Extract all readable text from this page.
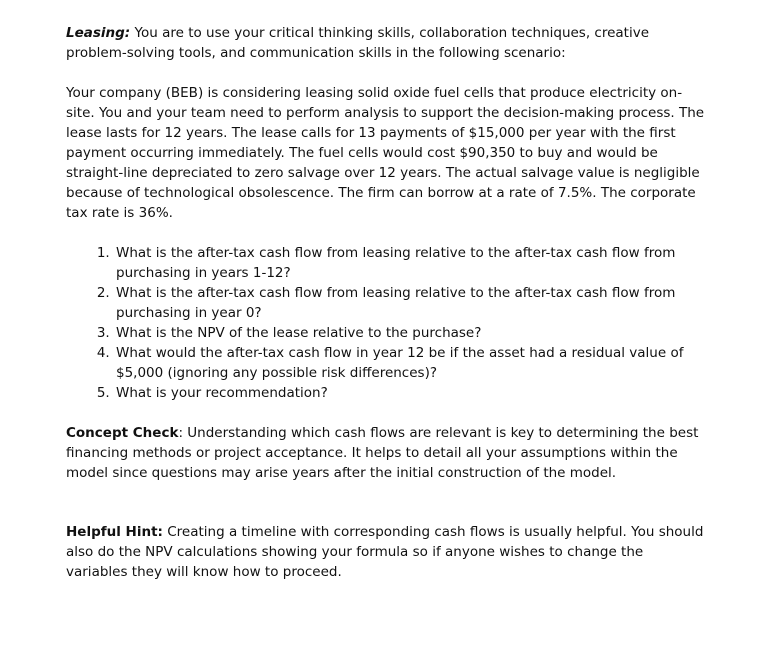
Leasing: You are to use your critical thinking skills, collaboration techniques, creative problem-solving tools, and communication skills in the following scenario:

Your company (BEB) is considering leasing solid oxide fuel cells that produce electricity on-site. You and your team need to perform analysis to support the decision-making process. The lease lasts for 12 years. The lease calls for 13 payments of $15,000 per year with the first payment occurring immediately. The fuel cells would cost $90,350 to buy and would be straight-line depreciated to zero salvage over 12 years. The actual salvage value is negligible because of technological obsolescence. The firm can borrow at a rate of 7.5%. The corporate tax rate is 36%.

1. What is the after-tax cash flow from leasing relative to the after-tax cash flow from purchasing in years 1-12?
2. What is the after-tax cash flow from leasing relative to the after-tax cash flow from purchasing in year 0?
3. What is the NPV of the lease relative to the purchase?
4. What would the after-tax cash flow in year 12 be if the asset had a residual value of $5,000 (ignoring any possible risk differences)?
5. What is your recommendation?

Concept Check: Understanding which cash flows are relevant is key to determining the best financing methods or project acceptance. It helps to detail all your assumptions within the model since questions may arise years after the initial construction of the model.

Helpful Hint: Creating a timeline with corresponding cash flows is usually helpful. You should also do the NPV calculations showing your formula so if anyone wishes to change the variables they will know how to proceed.
